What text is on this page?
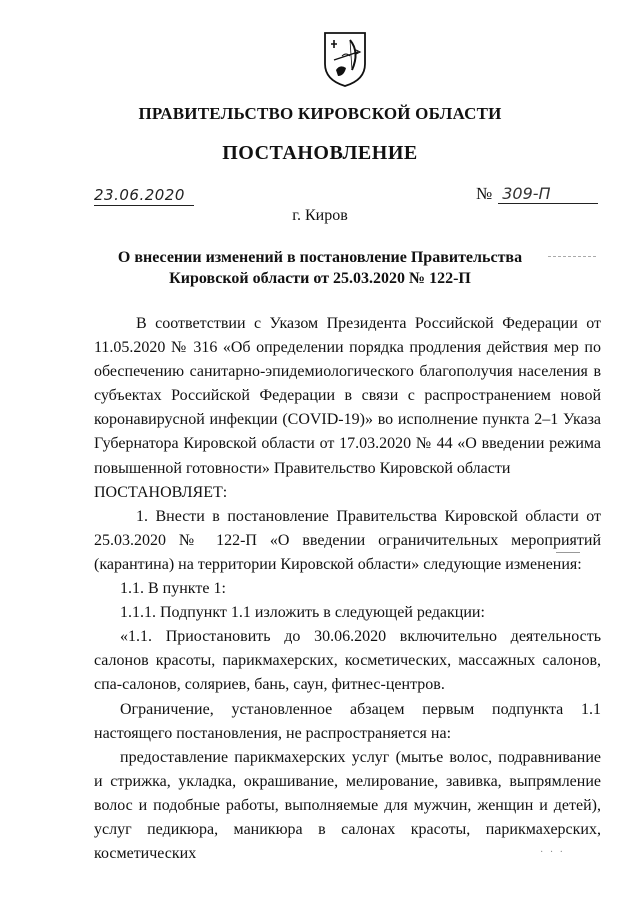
ПРАВИТЕЛЬСТВО КИРОВСКОЙ ОБЛАСТИ
ПОСТАНОВЛЕНИЕ
23.06.2020	№ 309-П
г. Киров
О внесении изменений в постановление Правительства Кировской области от 25.03.2020 № 122-П

В соответствии с Указом Президента Российской Федерации от 11.05.2020 № 316 «Об определении порядка продления действия мер по обеспечению санитарно-эпидемиологического благополучия населения в субъектах Российской Федерации в связи с распространением новой коронавирусной инфекции (COVID-19)» во исполнение пункта 2–1 Указа Губернатора Кировской области от 17.03.2020 № 44 «О введении режима повышенной готовности» Правительство Кировской области

ПОСТАНОВЛЯЕТ:

1. Внести в постановление Правительства Кировской области от 25.03.2020 № 122-П «О введении ограничительных мероприятий (карантина) на территории Кировской области» следующие изменения:

1.1. В пункте 1:

1.1.1. Подпункт 1.1 изложить в следующей редакции:

«1.1. Приостановить до 30.06.2020 включительно деятельность салонов красоты, парикмахерских, косметических, массажных салонов, спа-салонов, соляриев, бань, саун, фитнес-центров.

Ограничение, установленное абзацем первым подпункта 1.1 настоящего постановления, не распространяется на:

предоставление парикмахерских услуг (мытье волос, подравнивание и стрижка, укладка, окрашивание, мелирование, завивка, выпрямление волос и подобные работы, выполняемые для мужчин, женщин и детей), услуг педикюра, маникюра в салонах красоты, парикмахерских, косметических	· · ·
